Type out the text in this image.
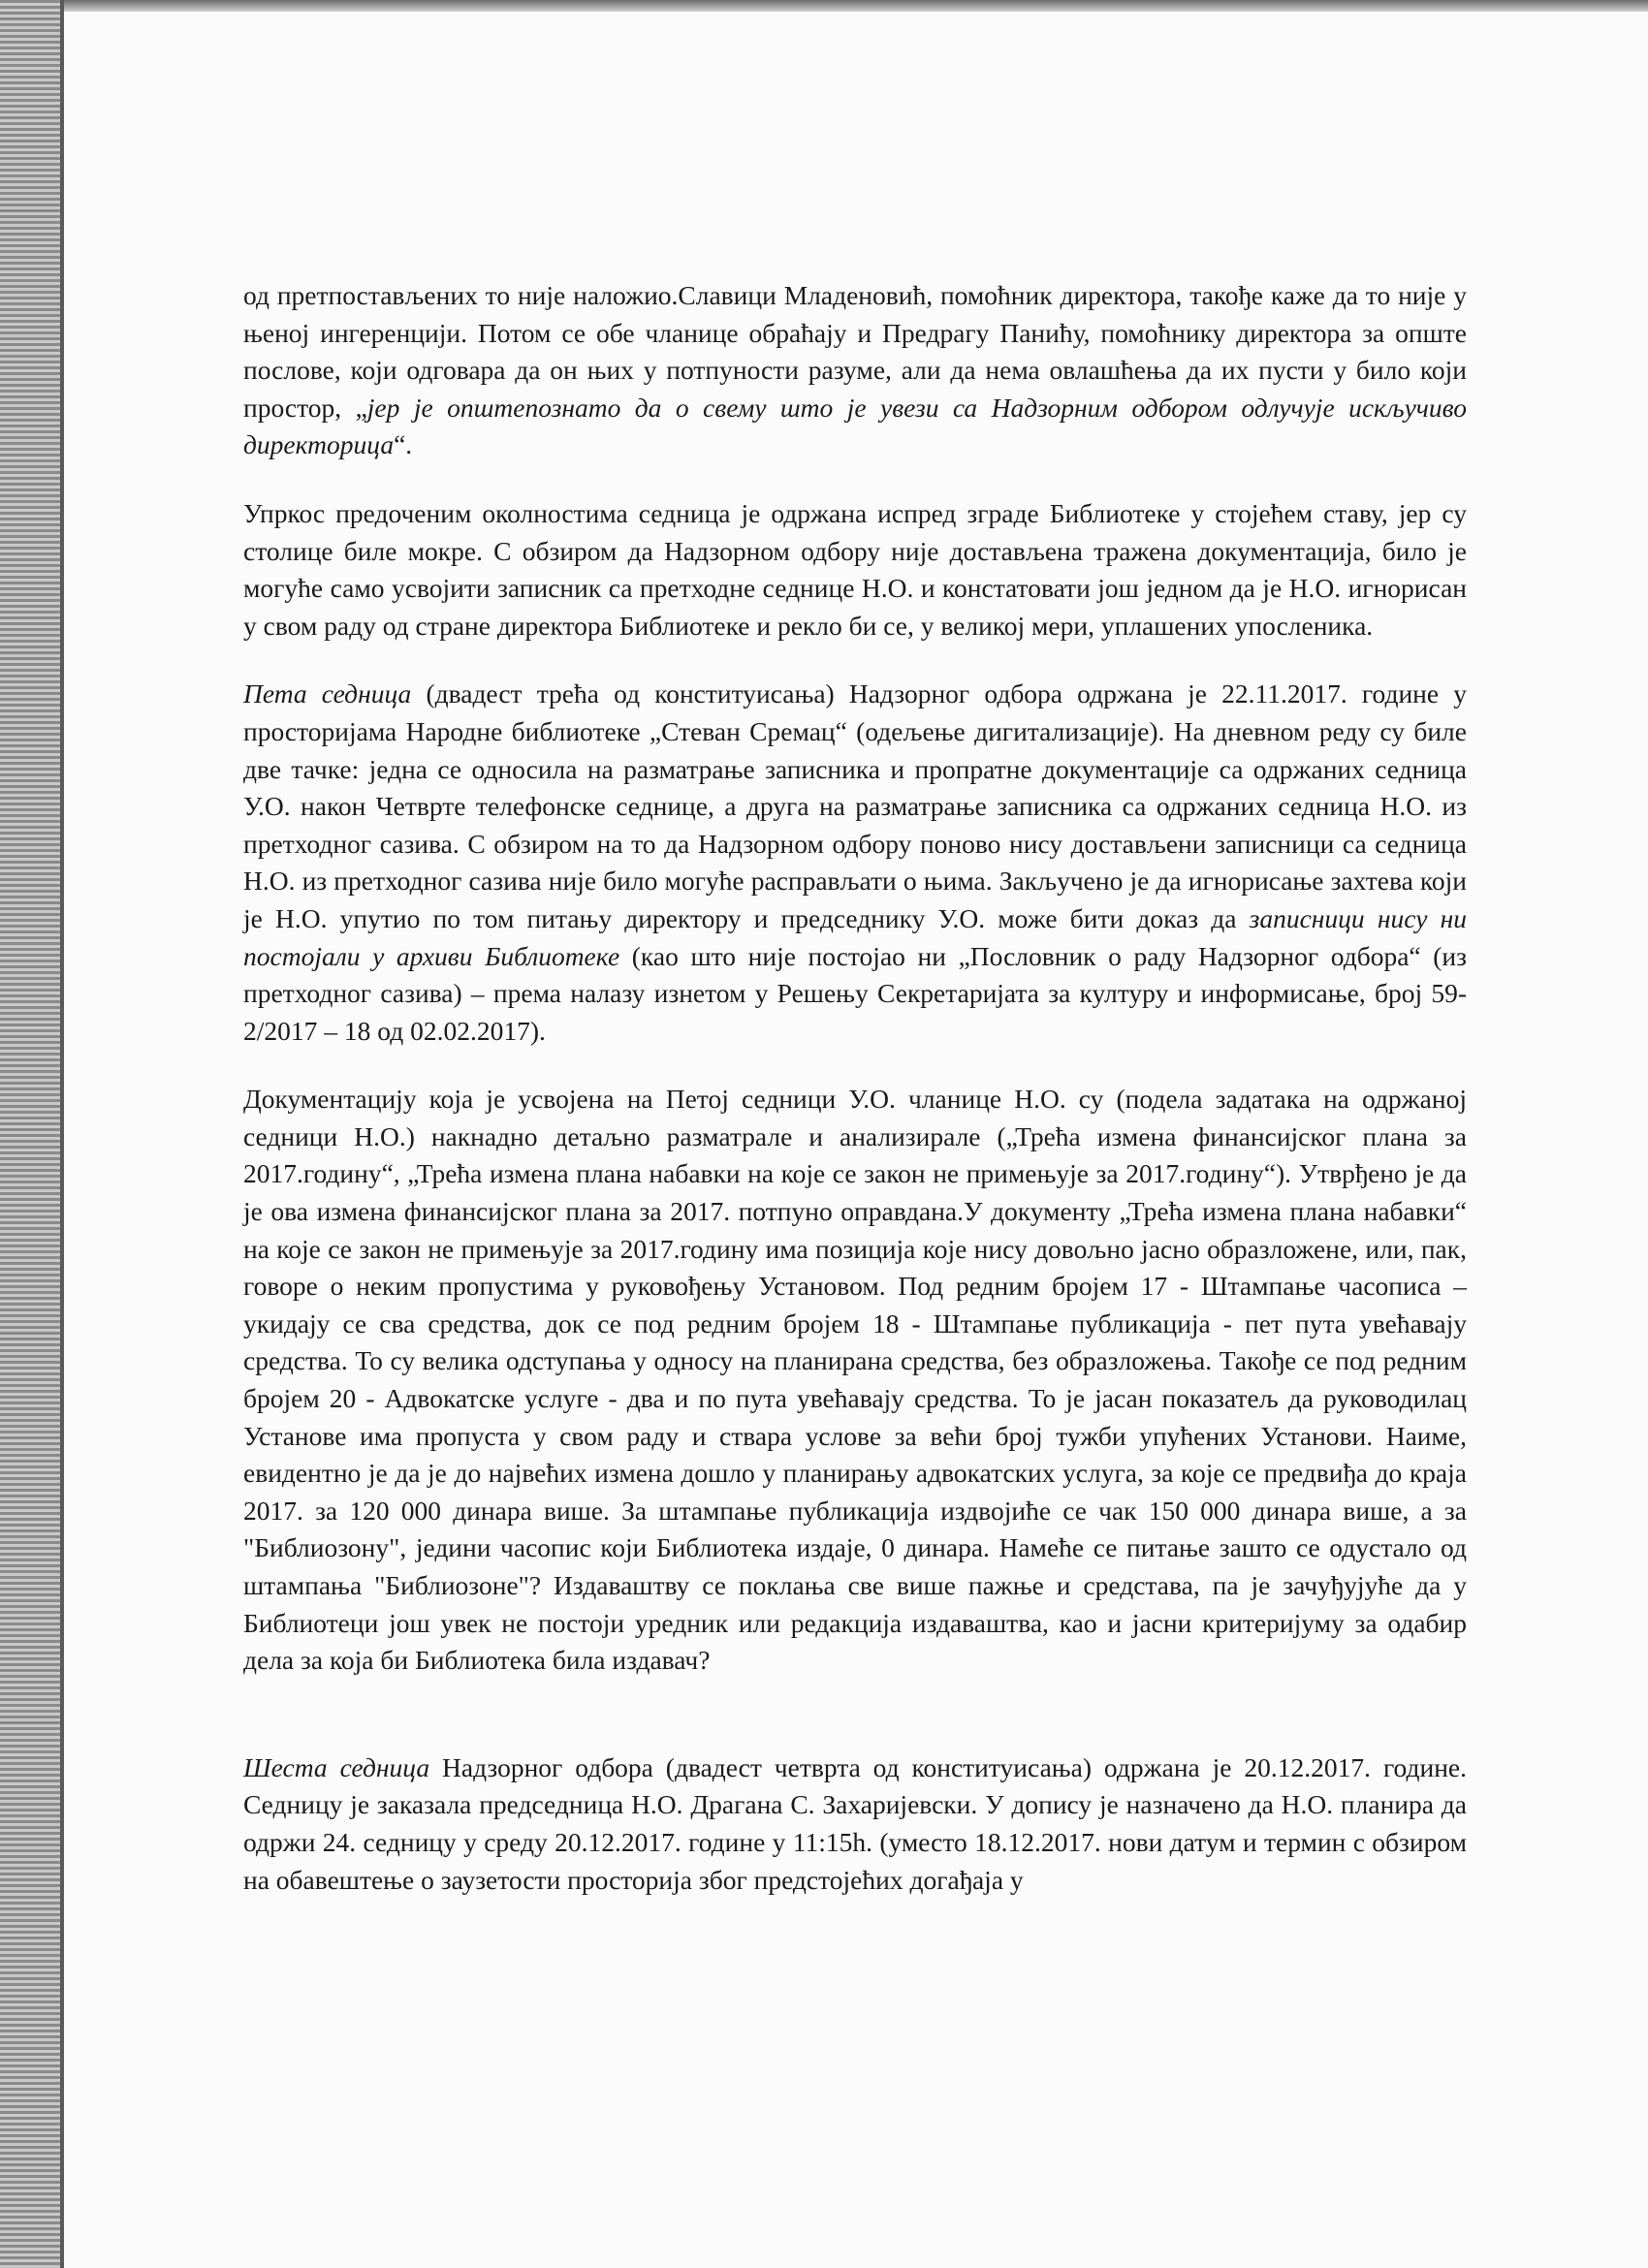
од претпостављених то није наложио.Славици Младеновић, помоћник директора, такође каже да то није у њеној ингеренцији. Потом се обе чланице обраћају и Предрагу Панићу, помоћнику директора за опште послове, који одговара да он њих у потпуности разуме, али да нема овлашћења да их пусти у било који простор, „јер је општепознато да о свему што је увези са Надзорним одбором одлучује искључиво директорица“.

Упркос предоченим околностима седница је одржана испред зграде Библиотеке у стојећем ставу, јер су столице биле мокре. С обзиром да Надзорном одбору није достављена тражена документација, било је могуће само усвојити записник са претходне седнице Н.О. и констатовати још једном да је Н.О. игнорисан у свом раду од стране директора Библиотеке и рекло би се, у великој мери, уплашених упосленика.

Пета седница (двадест трећа од конституисања) Надзорног одбора одржана је 22.11.2017. године у просторијама Народне библиотеке „Стеван Сремац“ (одељење дигитализације). На дневном реду су биле две тачке: једна се односила на разматрање записника и пропратне документације са одржаних седница У.О. након Четврте телефонске седнице, а друга на разматрање записника са одржаних седница Н.О. из претходног сазива. С обзиром на то да Надзорном одбору поново нису достављени записници са седница Н.О. из претходног сазива није било могуће расправљати о њима. Закључено је да игнорисање захтева који је Н.О. упутио по том питању директору и председнику У.О. може бити доказ да записници нису ни постојали у архиви Библиотеке (као што није постојао ни „Пословник о раду Надзорног одбора“ (из претходног сазива) – према налазу изнетом у Решењу Секретаријата за културу и информисање, број 59-2/2017 – 18 од 02.02.2017).

Документацију која је усвојена на Петој седници У.О. чланице Н.О. су (подела задатака на одржаној седници Н.О.) накнадно детаљно разматрале и анализирале („Трећа измена финансијског плана за 2017.годину“, „Трећа измена плана набавки на које се закон не примењује за 2017.годину“). Утврђено је да је ова измена финансијског плана за 2017. потпуно оправдана.У документу „Трећа измена плана набавки“ на које се закон не примењује за 2017.годину има позиција које нису довољно јасно образложене, или, пак, говоре о неким пропустима у руковођењу Установом. Под редним бројем 17 - Штампање часописа – укидају се сва средства, док се под редним бројем 18 - Штампање публикација - пет пута увећавају средства. То су велика одступања у односу на планирана средства, без образложења. Такође се под редним бројем 20 - Адвокатске услуге - два и по пута увећавају средства. То је јасан показатељ да руководилац Установе има пропуста у свом раду и ствара услове за већи број тужби упућених Установи. Наиме, евидентно је да је до највећих измена дошло у планирању адвокатских услуга, за које се предвиђа до краја 2017. за 120 000 динара више. За штампање публикација издвојиће се чак 150 000 динара више, а за "Библиозону", једини часопис који Библиотека издаје, 0 динара. Намеће се питање зашто се одустало од штампања "Библиозоне"? Издаваштву се поклања све више пажње и средстава, па је зачуђујуће да у Библиотеци још увек не постоји уредник или редакција издаваштва, као и јасни критеријуму за одабир дела за која би Библиотека била издавач?

Шеста седница Надзорног одбора (двадест четврта од конституисања) одржана је 20.12.2017. године. Седницу је заказала председница Н.О. Драгана С. Захаријевски. У допису је назначено да Н.О. планира да одржи 24. седницу у среду 20.12.2017. године у 11:15h. (уместо 18.12.2017. нови датум и термин с обзиром на обавештење о заузетости просторија због предстојећих догађаја у
